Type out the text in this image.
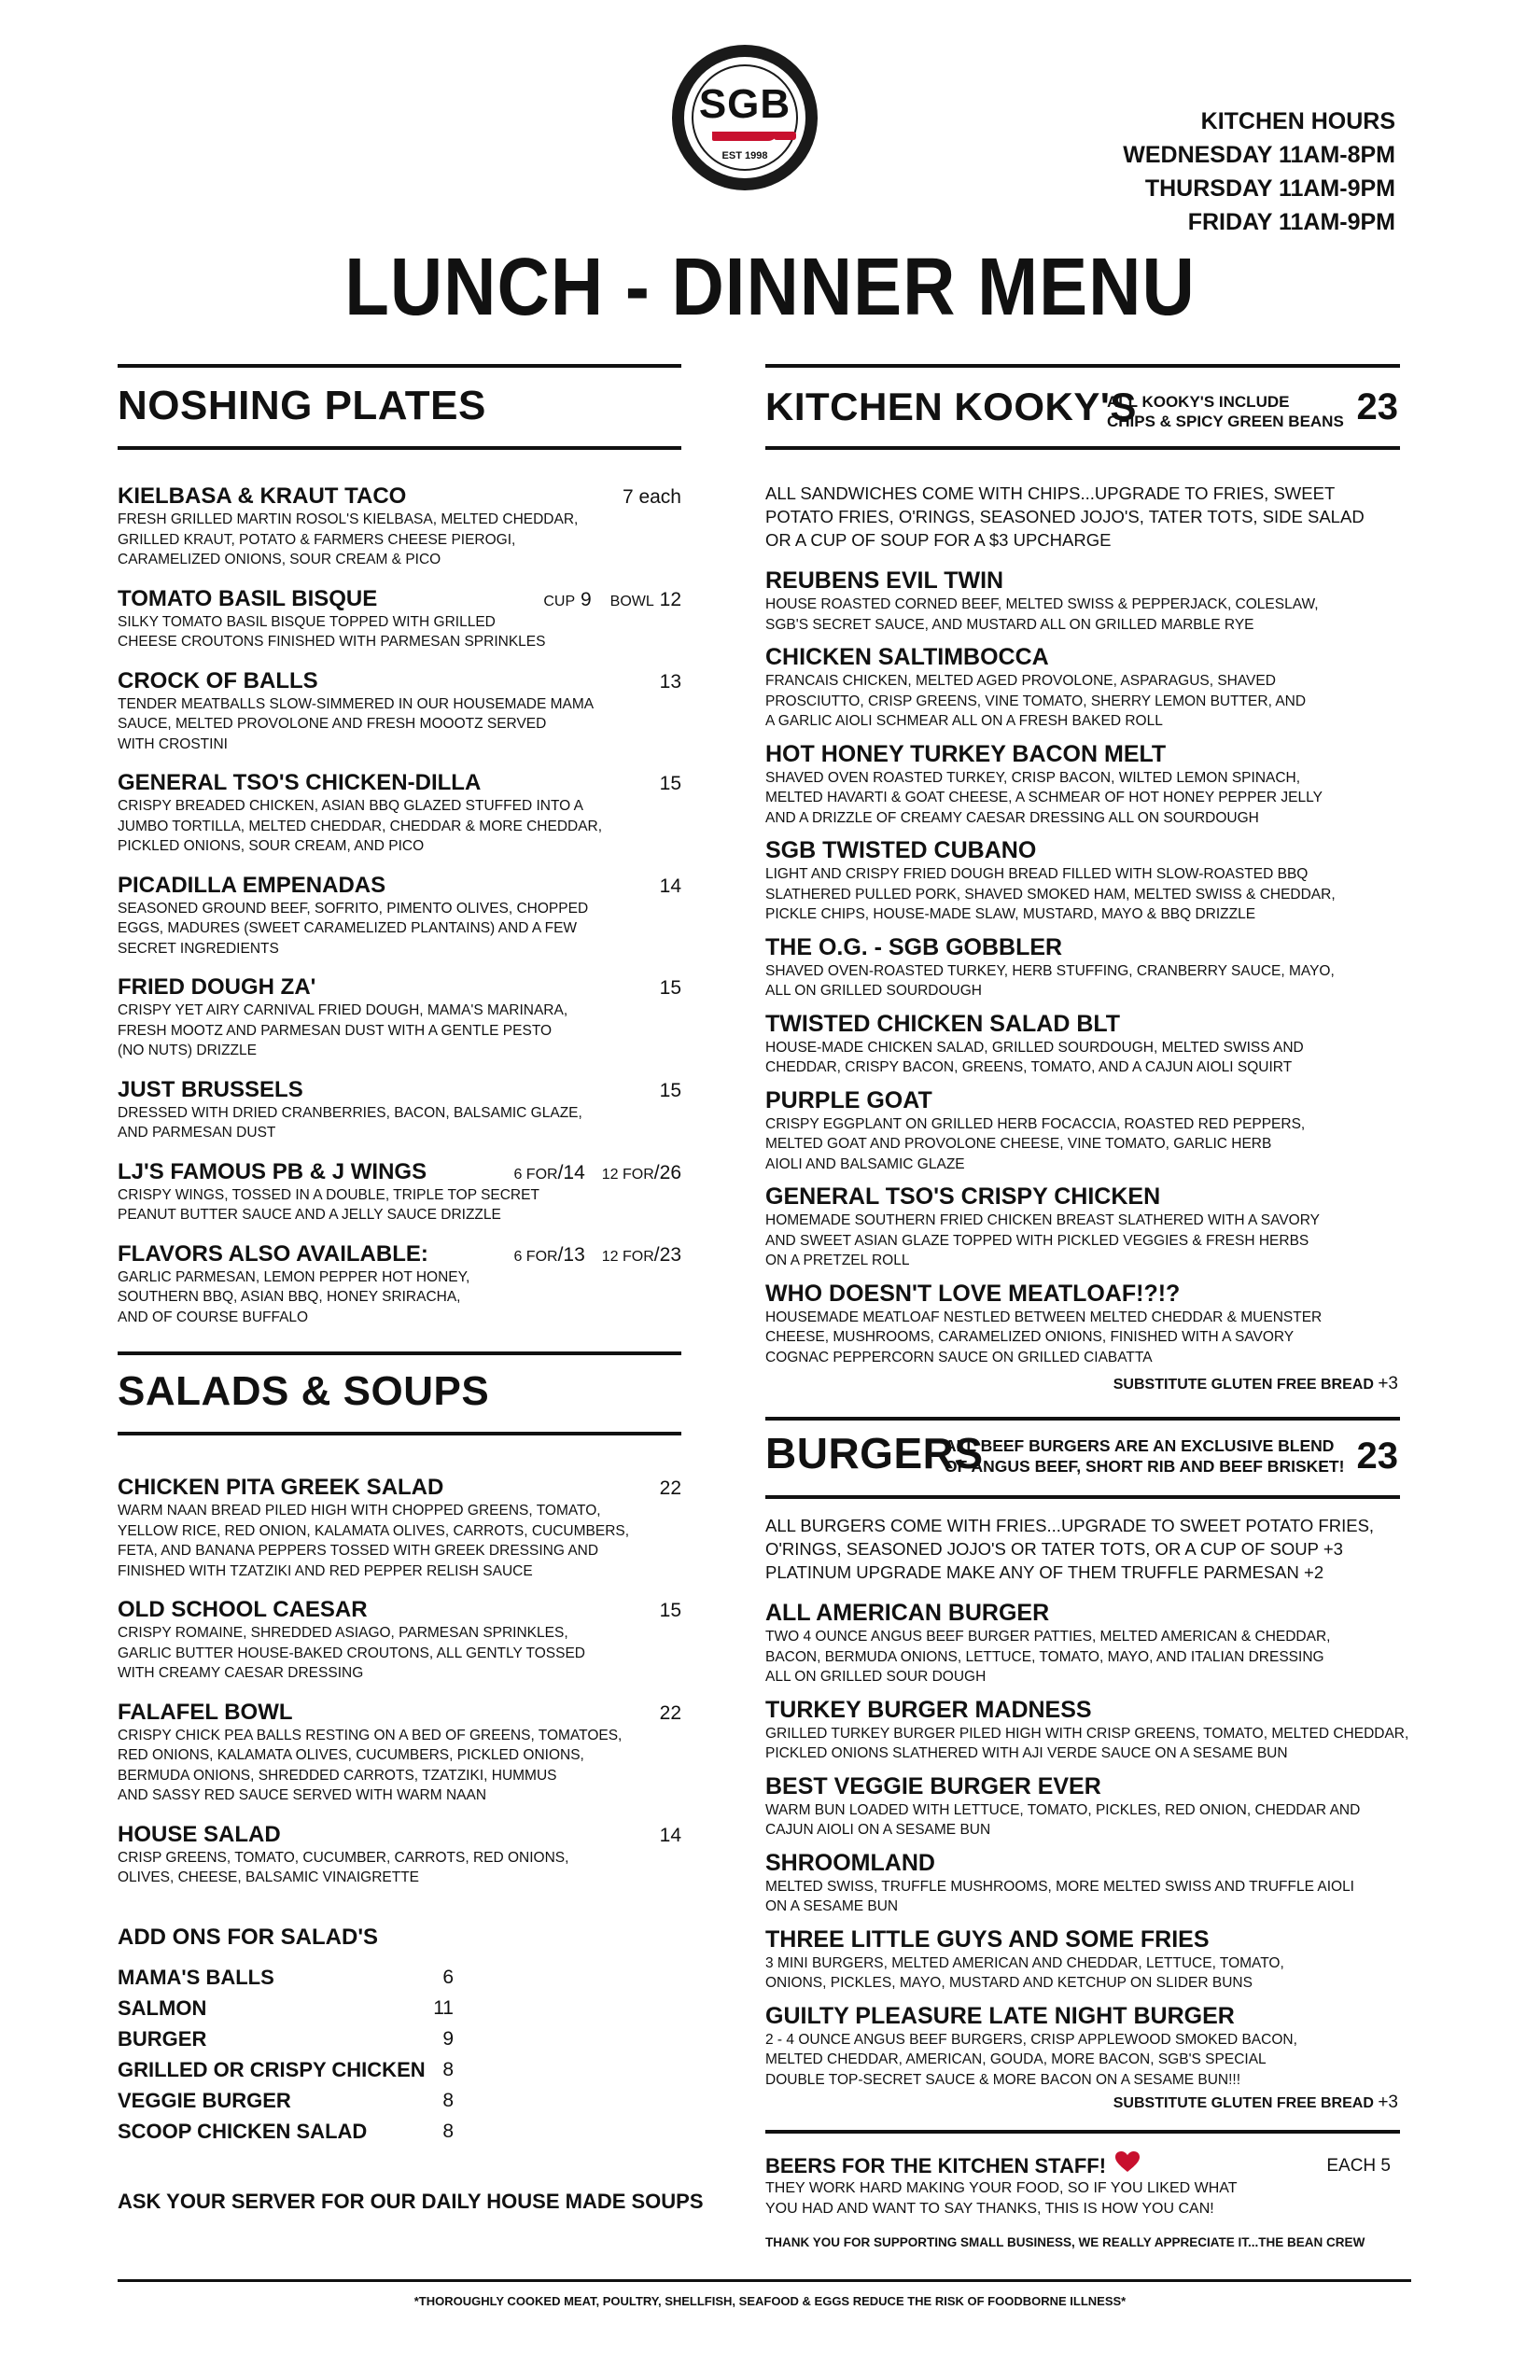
SGB
EST 1998
KITCHEN HOURS
WEDNESDAY 11AM-8PM
THURSDAY 11AM-9PM
FRIDAY 11AM-9PM
LUNCH - DINNER MENU
NOSHING PLATES
KIELBASA & KRAUT TACO	7 each
FRESH GRILLED MARTIN ROSOL'S KIELBASA, MELTED CHEDDAR,
GRILLED KRAUT, POTATO & FARMERS CHEESE PIEROGI,
CARAMELIZED ONIONS, SOUR CREAM & PICO
TOMATO BASIL BISQUE	CUP 9 BOWL 12
SILKY TOMATO BASIL BISQUE TOPPED WITH GRILLED
CHEESE CROUTONS FINISHED WITH PARMESAN SPRINKLES
CROCK OF BALLS	13
TENDER MEATBALLS SLOW-SIMMERED IN OUR HOUSEMADE MAMA
SAUCE, MELTED PROVOLONE AND FRESH MOOOTZ SERVED
WITH CROSTINI
GENERAL TSO'S CHICKEN-DILLA	15
CRISPY BREADED CHICKEN, ASIAN BBQ GLAZED STUFFED INTO A
JUMBO TORTILLA, MELTED CHEDDAR, CHEDDAR & MORE CHEDDAR,
PICKLED ONIONS, SOUR CREAM, AND PICO
PICADILLA EMPENADAS	14
SEASONED GROUND BEEF, SOFRITO, PIMENTO OLIVES, CHOPPED
EGGS, MADURES (SWEET CARAMELIZED PLANTAINS) AND A FEW
SECRET INGREDIENTS
FRIED DOUGH ZA'	15
CRISPY YET AIRY CARNIVAL FRIED DOUGH, MAMA'S MARINARA,
FRESH MOOTZ AND PARMESAN DUST WITH A GENTLE PESTO
(NO NUTS) DRIZZLE
JUST BRUSSELS	15
DRESSED WITH DRIED CRANBERRIES, BACON, BALSAMIC GLAZE,
AND PARMESAN DUST
LJ'S FAMOUS PB & J WINGS	6 FOR/14 12 FOR/26
CRISPY WINGS, TOSSED IN A DOUBLE, TRIPLE TOP SECRET
PEANUT BUTTER SAUCE AND A JELLY SAUCE DRIZZLE
FLAVORS ALSO AVAILABLE:	6 FOR/13 12 FOR/23
GARLIC PARMESAN, LEMON PEPPER HOT HONEY,
SOUTHERN BBQ, ASIAN BBQ, HONEY SRIRACHA,
AND OF COURSE BUFFALO
SALADS & SOUPS
CHICKEN PITA GREEK SALAD	22
WARM NAAN BREAD PILED HIGH WITH CHOPPED GREENS, TOMATO,
YELLOW RICE, RED ONION, KALAMATA OLIVES, CARROTS, CUCUMBERS,
FETA, AND BANANA PEPPERS TOSSED WITH GREEK DRESSING AND
FINISHED WITH TZATZIKI AND RED PEPPER RELISH SAUCE
OLD SCHOOL CAESAR	15
CRISPY ROMAINE, SHREDDED ASIAGO, PARMESAN SPRINKLES,
GARLIC BUTTER HOUSE-BAKED CROUTONS, ALL GENTLY TOSSED
WITH CREAMY CAESAR DRESSING
FALAFEL BOWL	22
CRISPY CHICK PEA BALLS RESTING ON A BED OF GREENS, TOMATOES,
RED ONIONS, KALAMATA OLIVES, CUCUMBERS, PICKLED ONIONS,
BERMUDA ONIONS, SHREDDED CARROTS, TZATZIKI, HUMMUS
AND SASSY RED SAUCE SERVED WITH WARM NAAN
HOUSE SALAD	14
CRISP GREENS, TOMATO, CUCUMBER, CARROTS, RED ONIONS,
OLIVES, CHEESE, BALSAMIC VINAIGRETTE
ADD ONS FOR SALAD'S
MAMA'S BALLS	6
SALMON	11
BURGER	9
GRILLED OR CRISPY CHICKEN 8
VEGGIE BURGER	8
SCOOP CHICKEN SALAD	8
ASK YOUR SERVER FOR OUR DAILY HOUSE MADE SOUPS
KITCHEN KOOKY'S
ALL KOOKY'S INCLUDE
CHIPS & SPICY GREEN BEANS 23
ALL SANDWICHES COME WITH CHIPS...UPGRADE TO FRIES, SWEET
POTATO FRIES, O'RINGS, SEASONED JOJO'S, TATER TOTS, SIDE SALAD
OR A CUP OF SOUP FOR A $3 UPCHARGE
REUBENS EVIL TWIN
HOUSE ROASTED CORNED BEEF, MELTED SWISS & PEPPERJACK, COLESLAW,
SGB'S SECRET SAUCE, AND MUSTARD ALL ON GRILLED MARBLE RYE
CHICKEN SALTIMBOCCA
FRANCAIS CHICKEN, MELTED AGED PROVOLONE, ASPARAGUS, SHAVED
PROSCIUTTO, CRISP GREENS, VINE TOMATO, SHERRY LEMON BUTTER, AND
A GARLIC AIOLI SCHMEAR ALL ON A FRESH BAKED ROLL
HOT HONEY TURKEY BACON MELT
SHAVED OVEN ROASTED TURKEY, CRISP BACON, WILTED LEMON SPINACH,
MELTED HAVARTI & GOAT CHEESE, A SCHMEAR OF HOT HONEY PEPPER JELLY
AND A DRIZZLE OF CREAMY CAESAR DRESSING ALL ON SOURDOUGH
SGB TWISTED CUBANO
LIGHT AND CRISPY FRIED DOUGH BREAD FILLED WITH SLOW-ROASTED BBQ
SLATHERED PULLED PORK, SHAVED SMOKED HAM, MELTED SWISS & CHEDDAR,
PICKLE CHIPS, HOUSE-MADE SLAW, MUSTARD, MAYO & BBQ DRIZZLE
THE O.G. - SGB GOBBLER
SHAVED OVEN-ROASTED TURKEY, HERB STUFFING, CRANBERRY SAUCE, MAYO,
ALL ON GRILLED SOURDOUGH
TWISTED CHICKEN SALAD BLT
HOUSE-MADE CHICKEN SALAD, GRILLED SOURDOUGH, MELTED SWISS AND
CHEDDAR, CRISPY BACON, GREENS, TOMATO, AND A CAJUN AIOLI SQUIRT
PURPLE GOAT
CRISPY EGGPLANT ON GRILLED HERB FOCACCIA, ROASTED RED PEPPERS,
MELTED GOAT AND PROVOLONE CHEESE, VINE TOMATO, GARLIC HERB
AIOLI AND BALSAMIC GLAZE
GENERAL TSO'S CRISPY CHICKEN
HOMEMADE SOUTHERN FRIED CHICKEN BREAST SLATHERED WITH A SAVORY
AND SWEET ASIAN GLAZE TOPPED WITH PICKLED VEGGIES & FRESH HERBS
ON A PRETZEL ROLL
WHO DOESN'T LOVE MEATLOAF!?!?
HOUSEMADE MEATLOAF NESTLED BETWEEN MELTED CHEDDAR & MUENSTER
CHEESE, MUSHROOMS, CARAMELIZED ONIONS, FINISHED WITH A SAVORY
COGNAC PEPPERCORN SAUCE ON GRILLED CIABATTA
SUBSTITUTE GLUTEN FREE BREAD +3
BURGERS
ALL BEEF BURGERS ARE AN EXCLUSIVE BLEND
OF ANGUS BEEF, SHORT RIB AND BEEF BRISKET! 23
ALL BURGERS COME WITH FRIES...UPGRADE TO SWEET POTATO FRIES,
O'RINGS, SEASONED JOJO'S OR TATER TOTS, OR A CUP OF SOUP +3
PLATINUM UPGRADE MAKE ANY OF THEM TRUFFLE PARMESAN +2
ALL AMERICAN BURGER
TWO 4 OUNCE ANGUS BEEF BURGER PATTIES, MELTED AMERICAN & CHEDDAR,
BACON, BERMUDA ONIONS, LETTUCE, TOMATO, MAYO, AND ITALIAN DRESSING
ALL ON GRILLED SOUR DOUGH
TURKEY BURGER MADNESS
GRILLED TURKEY BURGER PILED HIGH WITH CRISP GREENS, TOMATO, MELTED CHEDDAR,
PICKLED ONIONS SLATHERED WITH AJI VERDE SAUCE ON A SESAME BUN
BEST VEGGIE BURGER EVER
WARM BUN LOADED WITH LETTUCE, TOMATO, PICKLES, RED ONION, CHEDDAR AND
CAJUN AIOLI ON A SESAME BUN
SHROOMLAND
MELTED SWISS, TRUFFLE MUSHROOMS, MORE MELTED SWISS AND TRUFFLE AIOLI
ON A SESAME BUN
THREE LITTLE GUYS AND SOME FRIES
3 MINI BURGERS, MELTED AMERICAN AND CHEDDAR, LETTUCE, TOMATO,
ONIONS, PICKLES, MAYO, MUSTARD AND KETCHUP ON SLIDER BUNS
GUILTY PLEASURE LATE NIGHT BURGER
2 - 4 OUNCE ANGUS BEEF BURGERS, CRISP APPLEWOOD SMOKED BACON,
MELTED CHEDDAR, AMERICAN, GOUDA, MORE BACON, SGB'S SPECIAL
DOUBLE TOP-SECRET SAUCE & MORE BACON ON A SESAME BUN!!!
SUBSTITUTE GLUTEN FREE BREAD +3
BEERS FOR THE KITCHEN STAFF!	EACH 5
THEY WORK HARD MAKING YOUR FOOD, SO IF YOU LIKED WHAT
YOU HAD AND WANT TO SAY THANKS, THIS IS HOW YOU CAN!
THANK YOU FOR SUPPORTING SMALL BUSINESS, WE REALLY APPRECIATE IT...THE BEAN CREW
*THOROUGHLY COOKED MEAT, POULTRY, SHELLFISH, SEAFOOD & EGGS REDUCE THE RISK OF FOODBORNE ILLNESS*
